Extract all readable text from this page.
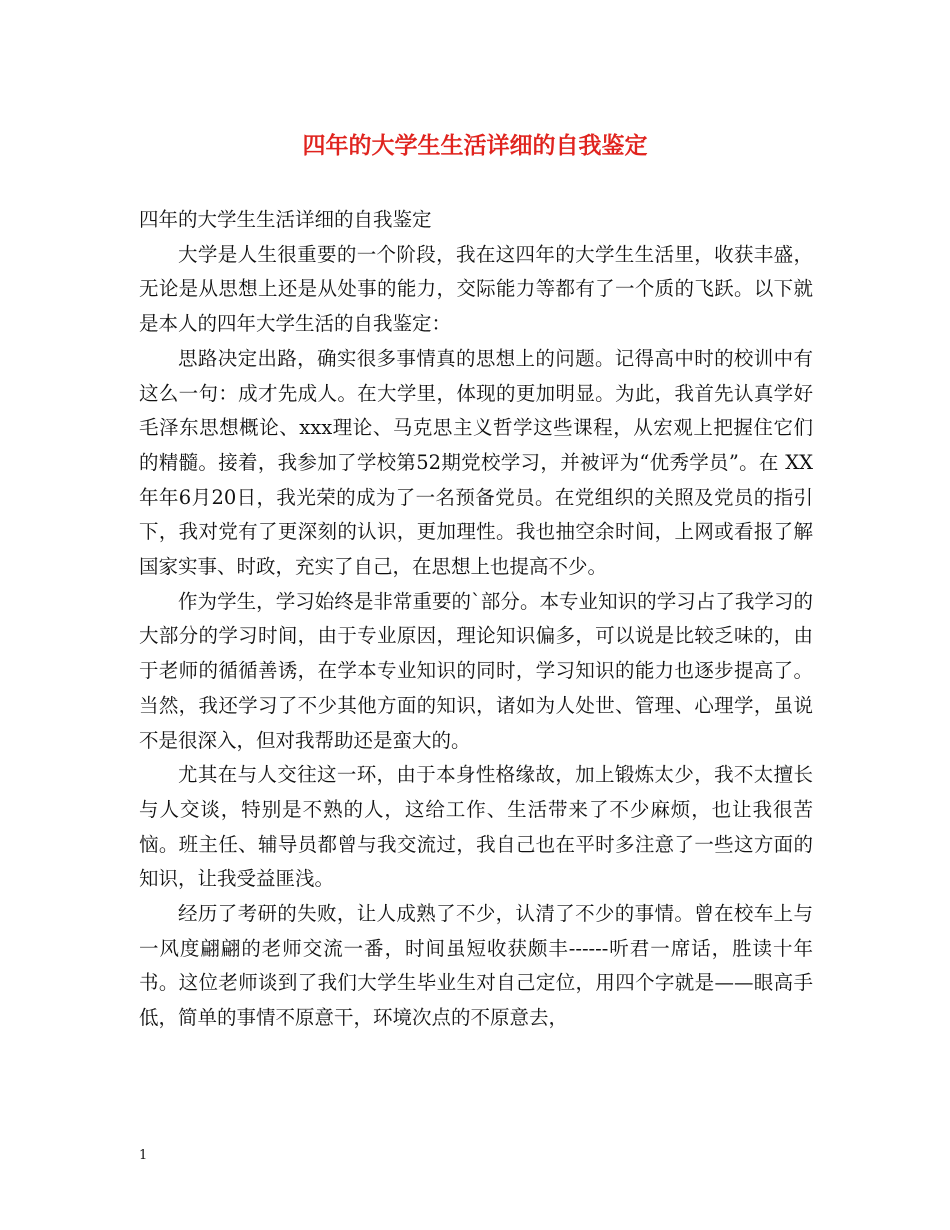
四年的大学生生活详细的自我鉴定

四年的大学生生活详细的自我鉴定

大学是人生很重要的一个阶段，我在这四年的大学生生活里，收获丰盛，无论是从思想上还是从处事的能力，交际能力等都有了一个质的飞跃。以下就是本人的四年大学生活的自我鉴定：

思路决定出路，确实很多事情真的思想上的问题。记得高中时的校训中有这么一句：成才先成人。在大学里，体现的更加明显。为此，我首先认真学好毛泽东思想概论、xxx理论、马克思主义哲学这些课程，从宏观上把握住它们的精髓。接着，我参加了学校第52期党校学习，并被评为“优秀学员”。在 XX年年6月20日，我光荣的成为了一名预备党员。在党组织的关照及党员的指引下，我对党有了更深刻的认识，更加理性。我也抽空余时间，上网或看报了解国家实事、时政，充实了自己，在思想上也提高不少。

作为学生，学习始终是非常重要的`部分。本专业知识的学习占了我学习的大部分的学习时间，由于专业原因，理论知识偏多，可以说是比较乏味的，由于老师的循循善诱，在学本专业知识的同时，学习知识的能力也逐步提高了。当然，我还学习了不少其他方面的知识，诸如为人处世、管理、心理学，虽说不是很深入，但对我帮助还是蛮大的。

尤其在与人交往这一环，由于本身性格缘故，加上锻炼太少，我不太擅长与人交谈，特别是不熟的人，这给工作、生活带来了不少麻烦，也让我很苦恼。班主任、辅导员都曾与我交流过，我自己也在平时多注意了一些这方面的知识，让我受益匪浅。

经历了考研的失败，让人成熟了不少，认清了不少的事情。曾在校车上与一风度翩翩的老师交流一番，时间虽短收获颇丰------听君一席话，胜读十年书。这位老师谈到了我们大学生毕业生对自己定位，用四个字就是——眼高手低，简单的事情不原意干，环境次点的不原意去，

1
